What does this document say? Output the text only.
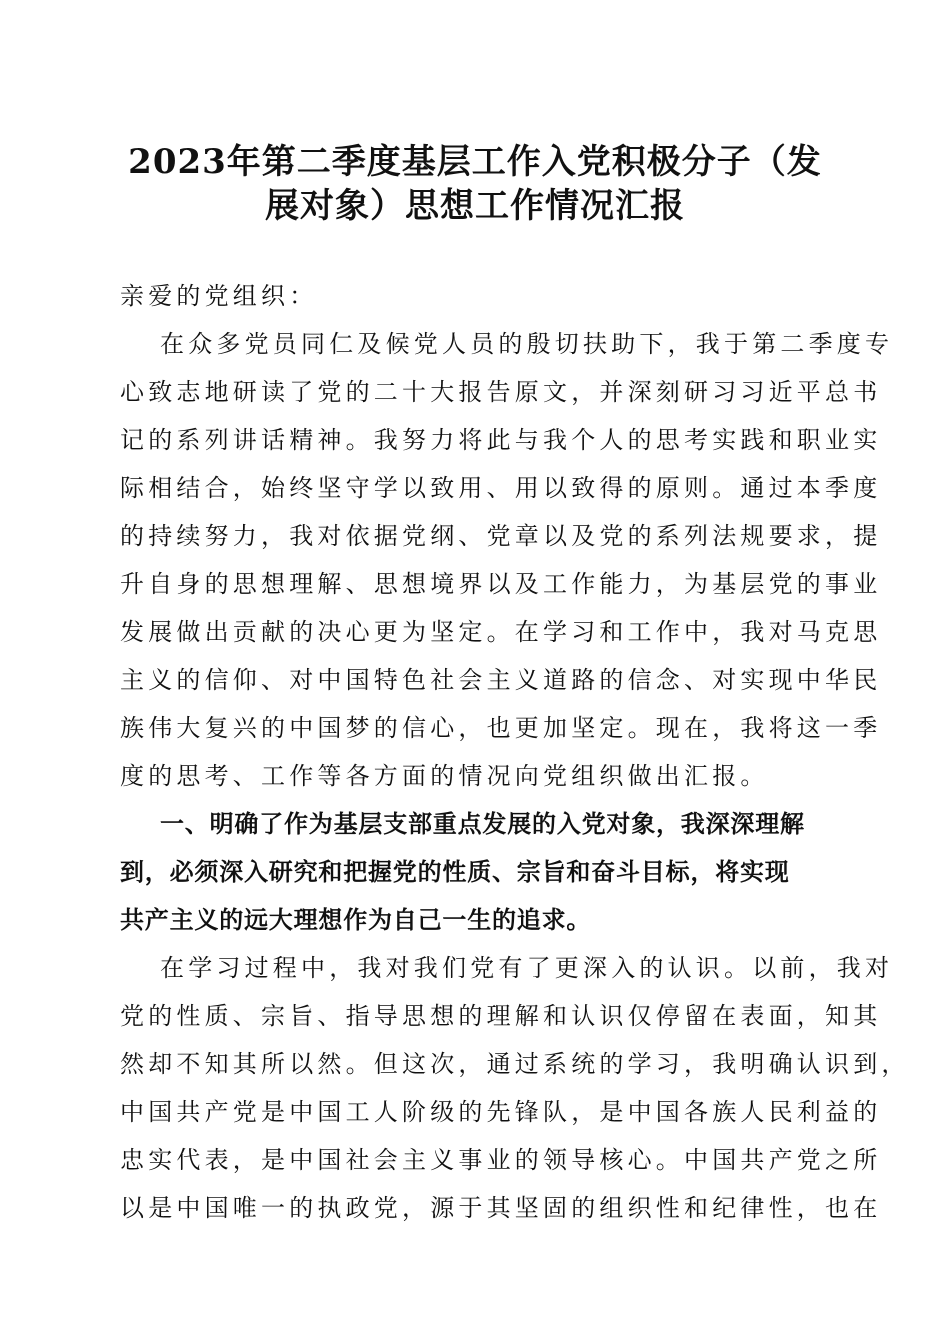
2023年第二季度基层工作入党积极分子（发
展对象）思想工作情况汇报

亲爱的党组织：

在众多党员同仁及候党人员的殷切扶助下，我于第二季度专

心致志地研读了党的二十大报告原文，并深刻研习习近平总书

记的系列讲话精神。我努力将此与我个人的思考实践和职业实

际相结合，始终坚守学以致用、用以致得的原则。通过本季度

的持续努力，我对依据党纲、党章以及党的系列法规要求，提

升自身的思想理解、思想境界以及工作能力，为基层党的事业

发展做出贡献的决心更为坚定。在学习和工作中，我对马克思

主义的信仰、对中国特色社会主义道路的信念、对实现中华民

族伟大复兴的中国梦的信心，也更加坚定。现在，我将这一季

度的思考、工作等各方面的情况向党组织做出汇报。

一、明确了作为基层支部重点发展的入党对象，我深深理解

到，必须深入研究和把握党的性质、宗旨和奋斗目标，将实现

共产主义的远大理想作为自己一生的追求。

在学习过程中，我对我们党有了更深入的认识。以前，我对

党的性质、宗旨、指导思想的理解和认识仅停留在表面，知其

然却不知其所以然。但这次，通过系统的学习，我明确认识到，

中国共产党是中国工人阶级的先锋队，是中国各族人民利益的

忠实代表，是中国社会主义事业的领导核心。中国共产党之所

以是中国唯一的执政党，源于其坚固的组织性和纪律性，也在
